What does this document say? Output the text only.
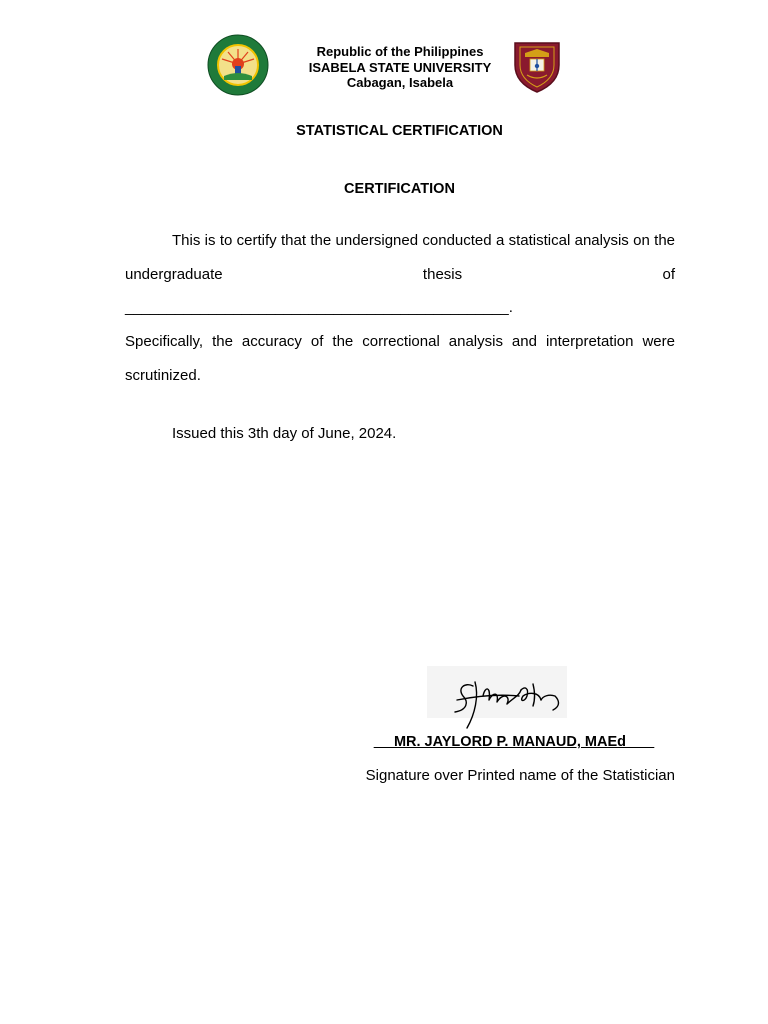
Republic of the Philippines
ISABELA STATE UNIVERSITY
Cabagan, Isabela
STATISTICAL CERTIFICATION
CERTIFICATION
This is to certify that the undersigned conducted a statistical analysis on the undergraduate thesis of
______________________________________________.
Specifically, the accuracy of the correctional analysis and interpretation were scrutinized.
Issued this 3th day of June, 2024.
__ MR. JAYLORD P. MANAUD, MAEd_ __
Signature over Printed name of the Statistician
